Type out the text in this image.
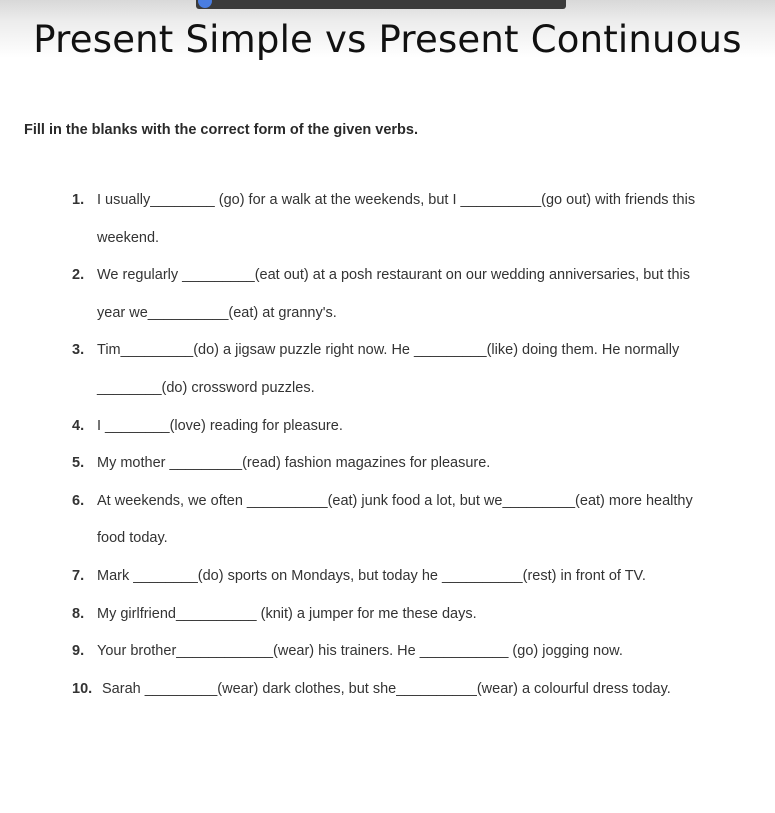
Present Simple vs Present Continuous
Fill in the blanks with the correct form of the given verbs.
1. I usually________ (go) for a walk at the weekends, but I __________(go out) with friends this
weekend.
2. We regularly _________(eat out) at a posh restaurant on our wedding anniversaries, but this
year we__________(eat) at granny's.
3. Tim_________(do) a jigsaw puzzle right now. He _________(like) doing them. He normally
________(do) crossword puzzles.
4. I ________(love) reading for pleasure.
5. My mother _________(read) fashion magazines for pleasure.
6. At weekends, we often __________(eat) junk food a lot, but we_________(eat) more healthy
food today.
7. Mark ________(do) sports on Mondays, but today he __________(rest) in front of TV.
8. My girlfriend__________ (knit) a jumper for me these days.
9. Your brother____________(wear) his trainers. He ___________ (go) jogging now.
10. Sarah _________(wear) dark clothes, but she__________(wear) a colourful dress today.
